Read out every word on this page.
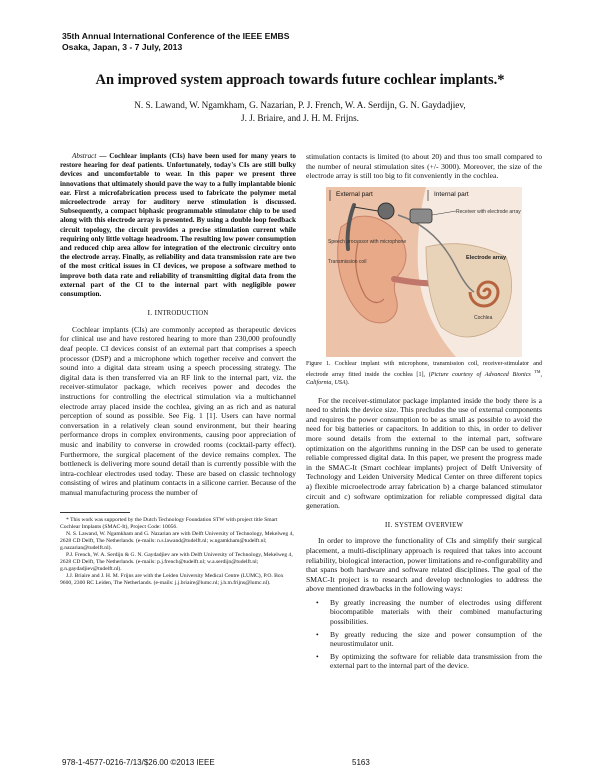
35th Annual International Conference of the IEEE EMBS
Osaka, Japan, 3 - 7 July, 2013
An improved system approach towards future cochlear implants.*
N. S. Lawand, W. Ngamkham, G. Nazarian, P. J. French, W. A. Serdijn, G. N. Gaydadjiev,
J. J. Briaire, and J. H. M. Frijns.

Abstract — Cochlear implants (CIs) have been used for many years to restore hearing for deaf patients. Unfortunately, today's CIs are still bulky devices and uncomfortable to wear. In this paper we present three innovations that ultimately should pave the way to a fully implantable bionic ear. First a microfabrication process used to fabricate the polymer metal microelectrode array for auditory nerve stimulation is discussed. Subsequently, a compact biphasic programmable stimulator chip to be used along with this electrode array is presented. By using a double loop feedback circuit topology, the circuit provides a precise stimulation current while requiring only little voltage headroom. The resulting low power consumption and reduced chip area allow for integration of the electronic circuitry onto the electrode array. Finally, as reliability and data transmission rate are two of the most critical issues in CI devices, we propose a software method to improve both data rate and reliability of transmitting digital data from the external part of the CI to the internal part with negligible power consumption.

I. INTRODUCTION

Cochlear implants (CIs) are commonly accepted as therapeutic devices for clinical use and have restored hearing to more than 230,000 profoundly deaf people. CI devices consist of an external part that comprises a speech processor (DSP) and a microphone which together receive and convert the sound into a digital data stream using a speech processing strategy. The digital data is then transferred via an RF link to the internal part, viz. the receiver-stimulator package, which receives power and decodes the instructions for controlling the electrical stimulation via a multichannel electrode array placed inside the cochlea, giving an as rich and as natural perception of sound as possible. See Fig. 1 [1]. Users can have normal conversation in a relatively clean sound environment, but their hearing performance drops in complex environments, causing poor appreciation of music and inability to converse in crowded rooms (cocktail-party effect). Furthermore, the surgical placement of the device remains complex. The bottleneck is delivering more sound detail than is currently possible with the intra-cochlear electrodes used today. These are based on classic technology consisting of wires and platinum contacts in a silicone carrier. Because of the manual manufacturing process the number of

* This work was supported by the Dutch Technology Foundation STW with project title Smart Cochlear Implants (SMAC-It), Project Code: 10056.

N. S. Lawand, W. Ngamkham and G. Nazarian are with Delft University of Technology, Mekelweg 4, 2628 CD Delft, The Netherlands. (e-mails: n.s.lawand@tudelft.nl; w.ngamkham@tudelft.nl; g.nazarian@tudelft.nl).

P.J. French, W. A. Serdijn & G. N. Gaydadjiev are with Delft University of Technology, Mekelweg 4, 2628 CD Delft, The Netherlands. (e-mails: p.j.french@tudelft.nl; w.a.serdijn@tudelft.nl; g.n.gaydadjiev@tudelft.nl).

J.J. Briaire and J. H. M. Frijns are with the Leiden University Medical Centre (LUMC), P.O. Box 9600, 2300 RC Leiden, The Netherlands. (e-mails: j.j.briaire@lumc.nl; j.h.m.frijns@lumc.nl).

stimulation contacts is limited (to about 20) and thus too small compared to the number of neural stimulation sites (+/- 3000). Moreover, the size of the electrode array is still too big to fit conveniently in the cochlea.

External part	Internal part
Receiver with electrode array
Speech processor with microphone
Transmission coil
Electrode array
Cochlea

Figure 1. Cochlear implant with microphone, transmission coil, receiver-stimulator and electrode array fitted inside the cochlea [1], (Picture courtesy of Advanced Bionics ™, California, USA).

For the receiver-stimulator package implanted inside the body there is a need to shrink the device size. This precludes the use of external components and requires the power consumption to be as small as possible to avoid the need for big batteries or capacitors. In addition to this, in order to deliver more sound details from the external to the internal part, software optimization on the algorithms running in the DSP can be used to generate reliable compressed digital data. In this paper, we present the progress made in the SMAC-It (Smart cochlear implants) project of Delft University of Technology and Leiden University Medical Center on three different topics a) flexible microelectrode array fabrication b) a charge balanced stimulator circuit and c) software optimization for reliable compressed digital data generation.

II. SYSTEM OVERVIEW

In order to improve the functionality of CIs and simplify their surgical placement, a multi-disciplinary approach is required that takes into account reliability, biological interaction, power limitations and re-configurability and that spans both hardware and software related disciplines. The goal of the SMAC-It project is to research and develop technologies to address the above mentioned drawbacks in the following ways:

• By greatly increasing the number of electrodes using different biocompatible materials with their combined manufacturing possibilities.
• By greatly reducing the size and power consumption of the neurostimulator unit.
• By optimizing the software for reliable data transmission from the external part to the internal part of the device.
978-1-4577-0216-7/13/$26.00 ©2013 IEEE	5163
